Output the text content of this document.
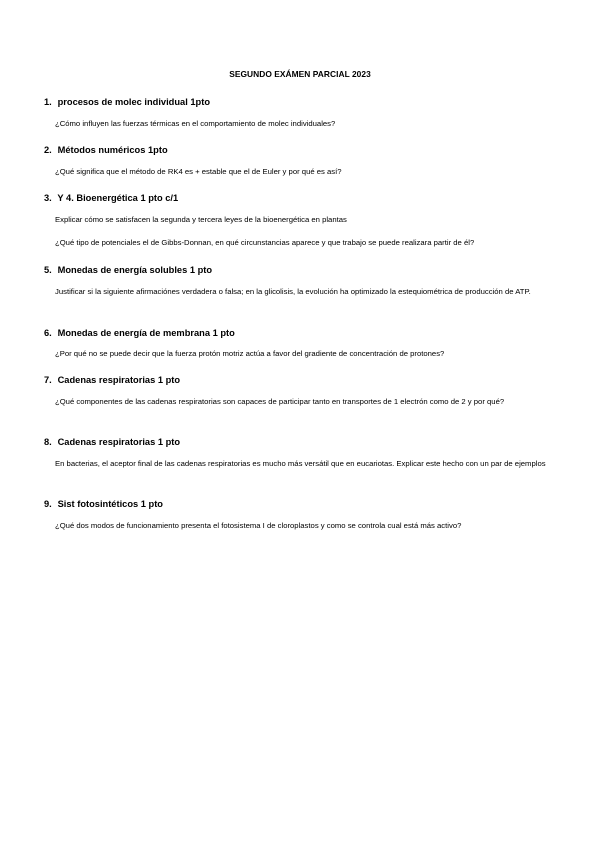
SEGUNDO EXÁMEN PARCIAL 2023
1. procesos de molec individual 1pto
¿Cómo influyen las fuerzas térmicas en el comportamiento de molec individuales?
2. Métodos numéricos 1pto
¿Qué significa que el método de RK4 es + estable que el de Euler y por qué es así?
3. Y 4. Bioenergética 1 pto c/1
Explicar cómo se satisfacen la segunda y tercera leyes de la bioenergética en plantas
¿Qué tipo de potenciales el de Gibbs-Donnan, en qué circunstancias aparece y que trabajo se puede realizara partir de él?
5. Monedas de energía solubles 1 pto
Justificar si la siguiente afirmaciónes verdadera o falsa; en la glicolisis, la evolución ha optimizado la estequiométrica de producción de ATP.
6. Monedas de energía de membrana 1 pto
¿Por qué no se puede decir que la fuerza protón motriz actúa a favor del gradiente de concentración de protones?
7. Cadenas respiratorias 1 pto
¿Qué componentes de las cadenas respiratorias son capaces de participar tanto en transportes de 1 electrón como de 2 y por qué?
8. Cadenas respiratorias 1 pto
En bacterias, el aceptor final de las cadenas respiratorias es mucho más versátil que en eucariotas. Explicar este hecho con un par de ejemplos
9. Sist fotosintéticos 1 pto
¿Qué dos modos de funcionamiento presenta el fotosistema I de cloroplastos y como se controla cual está más activo?
